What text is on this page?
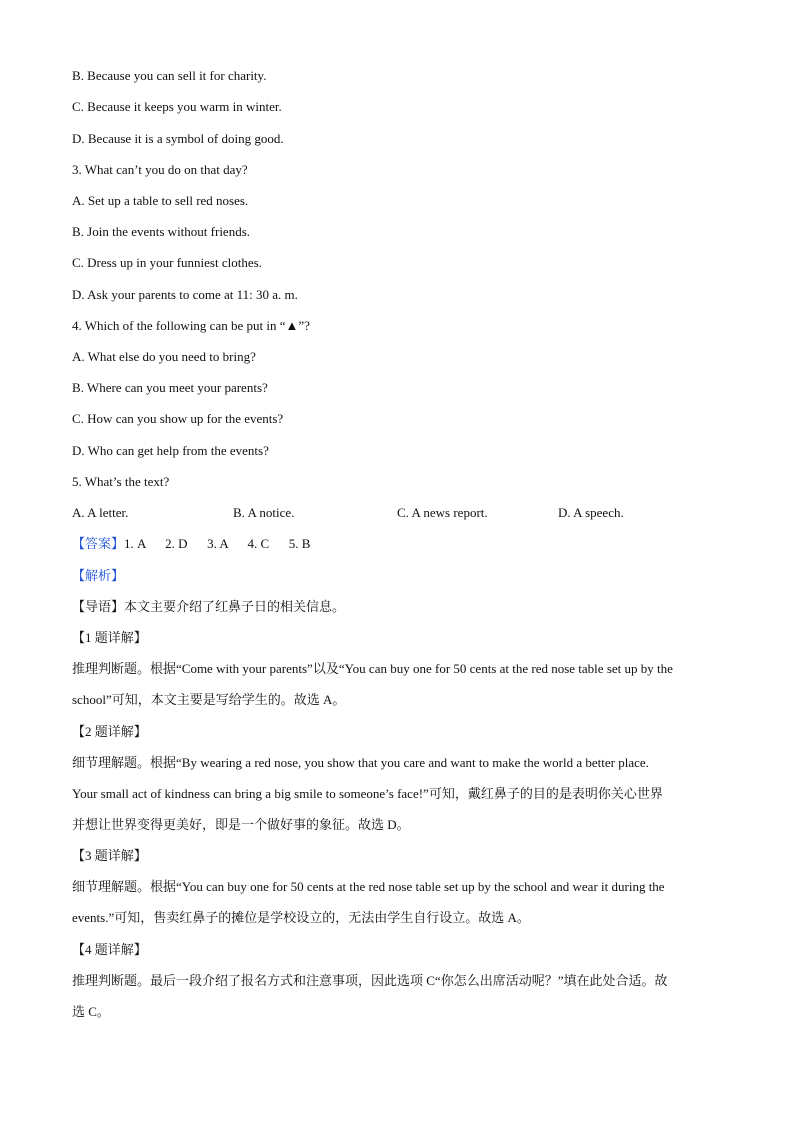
B. Because you can sell it for charity.
C. Because it keeps you warm in winter.
D. Because it is a symbol of doing good.
3. What can’t you do on that day?
A. Set up a table to sell red noses.
B. Join the events without friends.
C. Dress up in your funniest clothes.
D. Ask your parents to come at 11: 30 a. m.
4. Which of the following can be put in “▲”?
A. What else do you need to bring?
B. Where can you meet your parents?
C. How can you show up for the events?
D. Who can get help from the events?
5. What’s the text?
A. A letter.	B. A notice.	C. A news report.	D. A speech.
【答案】1. A      2. D      3. A      4. C      5. B
【解析】
【导语】本文主要介绍了红鼻子日的相关信息。
【1 题详解】
推理判断题。根据“Come with your parents”以及“You can buy one for 50 cents at the red nose table set up by the
school”可知，本文主要是写给学生的。故选 A。
【2 题详解】
细节理解题。根据“By wearing a red nose, you show that you care and want to make the world a better place.
Your small act of kindness can bring a big smile to someone’s face!”可知，戴红鼻子的目的是表明你关心世界
并想让世界变得更美好，即是一个做好事的象征。故选 D。
【3 题详解】
细节理解题。根据“You can buy one for 50 cents at the red nose table set up by the school and wear it during the
events.”可知，售卖红鼻子的摊位是学校设立的，无法由学生自行设立。故选 A。
【4 题详解】
推理判断题。最后一段介绍了报名方式和注意事项，因此选项 C“你怎么出席活动呢？”填在此处合适。故
选 C。
